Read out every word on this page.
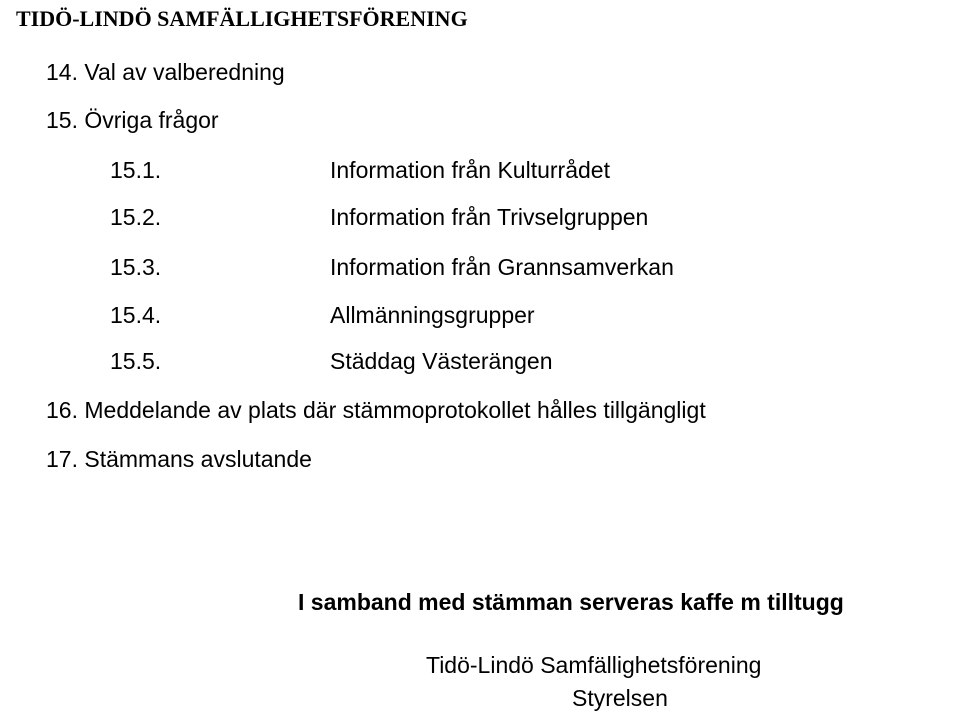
TIDÖ-LINDÖ SAMFÄLLIGHETSFÖRENING
14. Val av valberedning
15. Övriga frågor
15.1.	Information från Kulturrådet
15.2.	Information från Trivselgruppen
15.3.	Information från Grannsamverkan
15.4.	Allmänningsgrupper
15.5.	Städdag Västerängen
16. Meddelande av plats där stämmoprotokollet hålles tillgängligt
17. Stämmans avslutande
I samband med stämman serveras kaffe m tilltugg
Tidö-Lindö Samfällighetsförening
Styrelsen
